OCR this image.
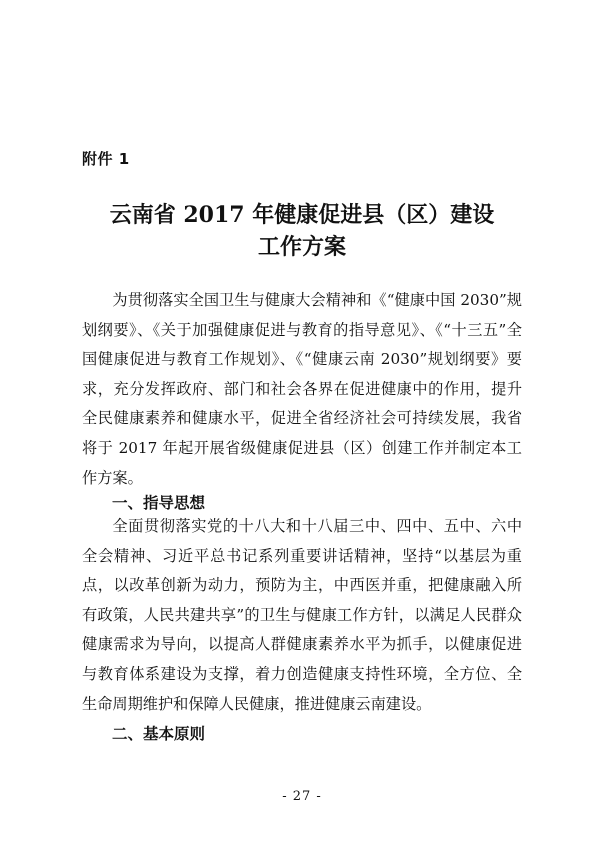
附件 1
云南省 2017 年健康促进县（区）建设
工作方案
为贯彻落实全国卫生与健康大会精神和《“健康中国 2030”规划纲要》、《关于加强健康促进与教育的指导意见》、《“十三五”全国健康促进与教育工作规划》、《“健康云南 2030”规划纲要》要求，充分发挥政府、部门和社会各界在促进健康中的作用，提升全民健康素养和健康水平，促进全省经济社会可持续发展，我省将于 2017 年起开展省级健康促进县（区）创建工作并制定本工作方案。
一、指导思想
全面贯彻落实党的十八大和十八届三中、四中、五中、六中全会精神、习近平总书记系列重要讲话精神，坚持“以基层为重点，以改革创新为动力，预防为主，中西医并重，把健康融入所有政策，人民共建共享”的卫生与健康工作方针，以满足人民群众健康需求为导向，以提高人群健康素养水平为抓手，以健康促进与教育体系建设为支撑，着力创造健康支持性环境，全方位、全生命周期维护和保障人民健康，推进健康云南建设。
二、基本原则
- 27 -
